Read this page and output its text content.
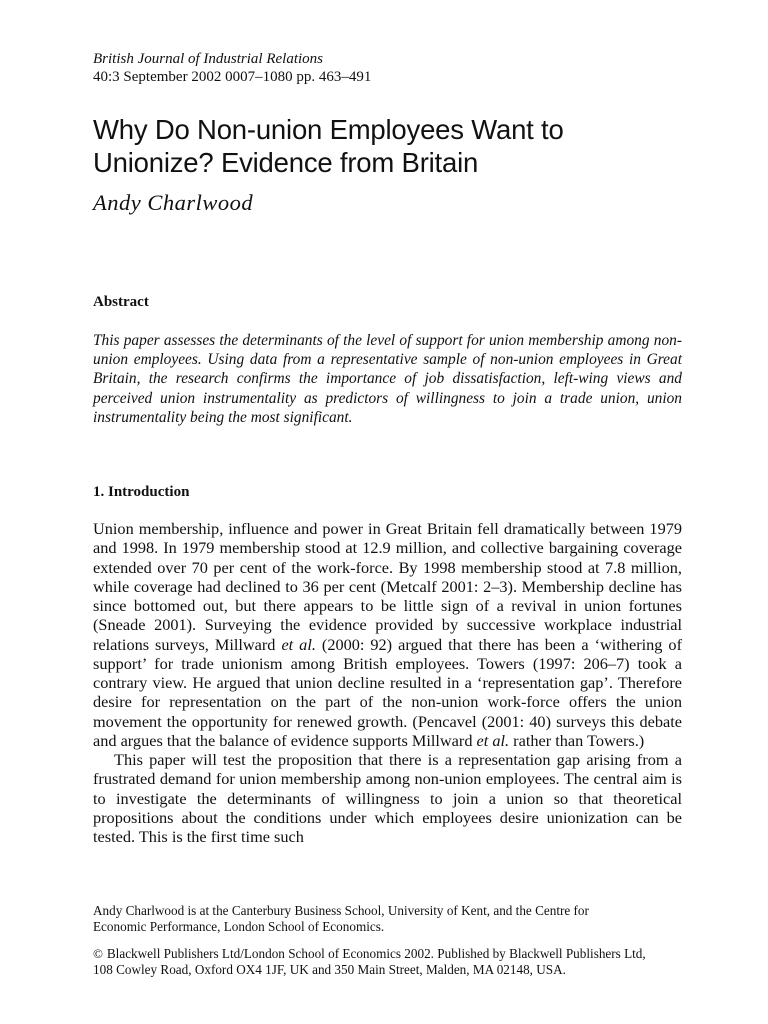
British Journal of Industrial Relations
40:3 September 2002 0007–1080 pp. 463–491
Why Do Non-union Employees Want to
Unionize? Evidence from Britain
Andy Charlwood
Abstract

This paper assesses the determinants of the level of support for union membership among non-union employees. Using data from a representative sample of non-union employees in Great Britain, the research confirms the importance of job dissatisfaction, left-wing views and perceived union instrumentality as predictors of willingness to join a trade union, union instrumentality being the most significant.

1. Introduction

Union membership, influence and power in Great Britain fell dramatically between 1979 and 1998. In 1979 membership stood at 12.9 million, and collective bargaining coverage extended over 70 per cent of the work-force. By 1998 membership stood at 7.8 million, while coverage had declined to 36 per cent (Metcalf 2001: 2–3). Membership decline has since bottomed out, but there appears to be little sign of a revival in union fortunes (Sneade 2001). Surveying the evidence provided by successive workplace industrial relations surveys, Millward et al. (2000: 92) argued that there has been a ‘withering of support’ for trade unionism among British employees. Towers (1997: 206–7) took a contrary view. He argued that union decline resulted in a ‘representation gap’. Therefore desire for representation on the part of the non-union work-force offers the union movement the opportunity for renewed growth. (Pencavel (2001: 40) surveys this debate and argues that the balance of evidence supports Millward et al. rather than Towers.)

This paper will test the proposition that there is a representation gap arising from a frustrated demand for union membership among non-union employees. The central aim is to investigate the determinants of willingness to join a union so that theoretical propositions about the conditions under which employees desire unionization can be tested. This is the first time such

Andy Charlwood is at the Canterbury Business School, University of Kent, and the Centre for
Economic Performance, London School of Economics.
© Blackwell Publishers Ltd/London School of Economics 2002. Published by Blackwell Publishers Ltd,
108 Cowley Road, Oxford OX4 1JF, UK and 350 Main Street, Malden, MA 02148, USA.
